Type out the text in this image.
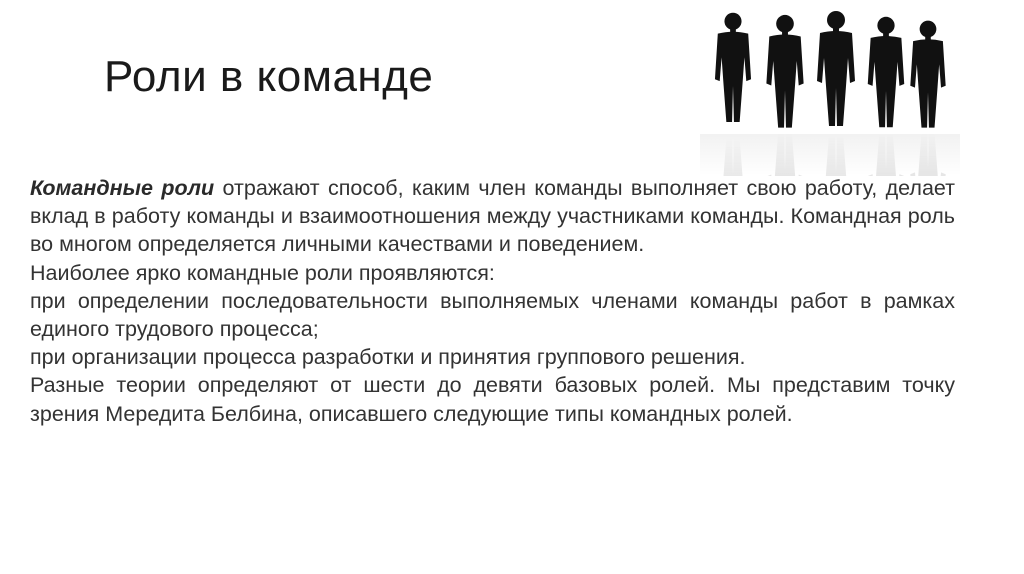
Роли в команде

Командные роли отражают способ, каким член команды выполняет свою работу, делает вклад в работу команды и взаимоотношения между участниками команды. Командная роль во многом определяется личными качествами и поведением.

Наиболее ярко командные роли проявляются:

при определении последовательности выполняемых членами команды работ в рамках единого трудового процесса;

при организации процесса разработки и принятия группового решения.

Разные теории определяют от шести до девяти базовых ролей. Мы представим точку зрения Мередита Белбина, описавшего следующие типы командных ролей.
